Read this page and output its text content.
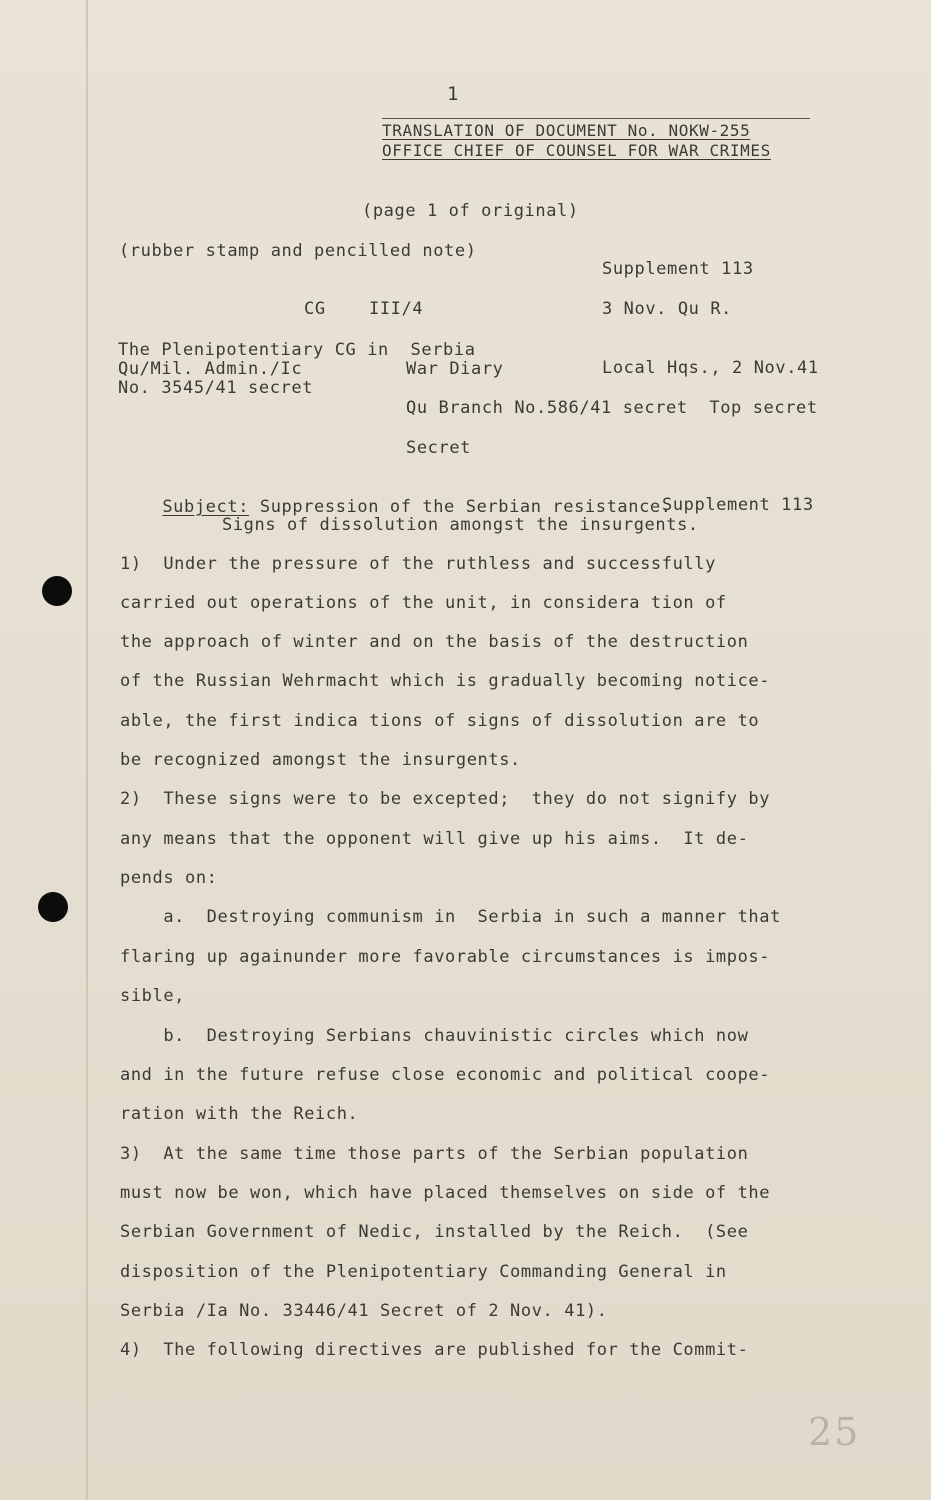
1
TRANSLATION OF DOCUMENT No. NOKW-255
OFFICE CHIEF OF COUNSEL FOR WAR CRIMES
(page 1 of original)
(rubber stamp and pencilled note)
Supplement 113
CG    III/4	3 Nov. Qu R.
The Plenipotentiary CG in  Serbia
Qu/Mil. Admin./Ic
No. 3545/41 secret
War Diary	Local Hqs., 2 Nov.41
Qu Branch No.586/41 secret  Top secret
Secret

Subject: Suppression of the Serbian resistance.

Supplement 113
Signs of dissolution amongst the insurgents.
1)  Under the pressure of the ruthless and successfully
carried out operations of the unit, in considera tion of
the approach of winter and on the basis of the destruction
of the Russian Wehrmacht which is gradually becoming notice-
able, the first indica tions of signs of dissolution are to
be recognized amongst the insurgents.
2)  These signs were to be excepted;  they do not signify by
any means that the opponent will give up his aims.  It de-
pends on:
a.  Destroying communism in  Serbia in such a manner that
flaring up againunder more favorable circumstances is impos-
sible,
b.  Destroying Serbians chauvinistic circles which now
and in the future refuse close economic and political coope-
ration with the Reich.
3)  At the same time those parts of the Serbian population
must now be won, which have placed themselves on side of the
Serbian Government of Nedic, installed by the Reich.  (See
disposition of the Plenipotentiary Commanding General in
Serbia /Ia No. 33446/41 Secret of 2 Nov. 41).
4)  The following directives are published for the Commit-
25
